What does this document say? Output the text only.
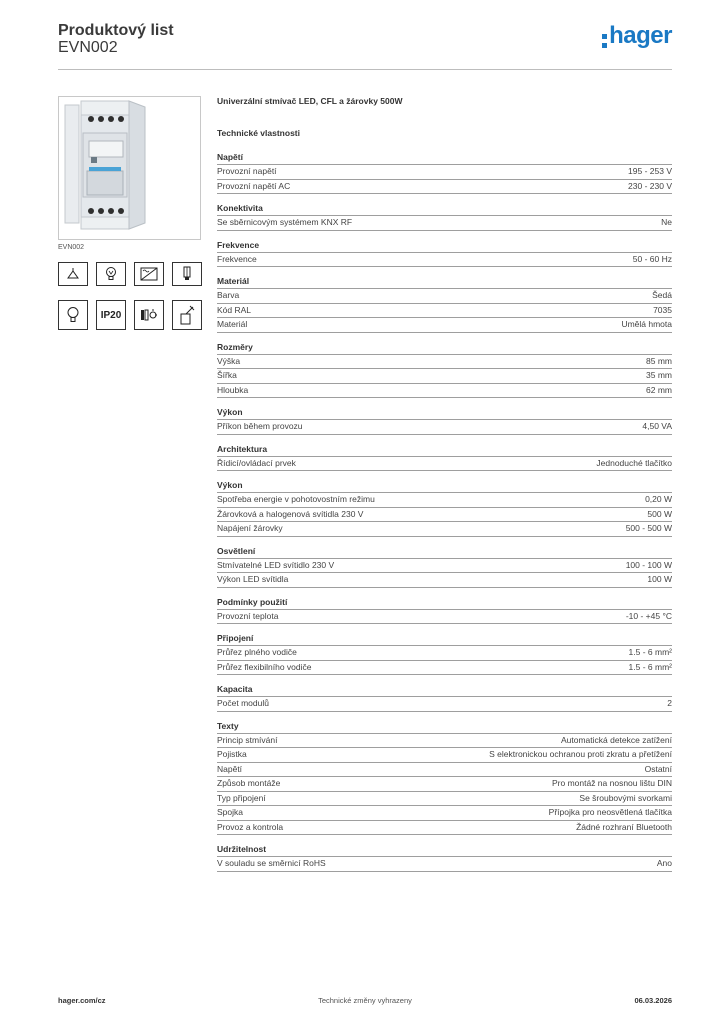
Produktový list
EVN002	hager
EVN002
IP20
Univerzální stmívač LED, CFL a žárovky 500W
Technické vlastnosti
Napětí
Provozní napětí	195 - 253 V
Provozní napětí AC	230 - 230 V
Konektivita
Se sběrnicovým systémem KNX RF	Ne
Frekvence
Frekvence	50 - 60 Hz
Materiál
Barva	Šedá
Kód RAL	7035
Materiál	Umělá hmota
Rozměry
Výška	85 mm
Šířka	35 mm
Hloubka	62 mm
Výkon
Příkon během provozu	4,50 VA
Architektura
Řídicí/ovládací prvek	Jednoduché tlačítko
Výkon
Spotřeba energie v pohotovostním režimu	0,20 W
Žárovková a halogenová svítidla 230 V	500 W
Napájení žárovky	500 - 500 W
Osvětlení
Stmívatelné LED svítidlo 230 V	100 - 100 W
Výkon LED svítidla	100 W
Podmínky použití
Provozní teplota	-10 - +45 °C
Připojení
Průřez plného vodiče	1.5 - 6 mm²
Průřez flexibilního vodiče	1.5 - 6 mm²
Kapacita
Počet modulů	2
Texty
Princip stmívání	Automatická detekce zatížení
Pojistka	S elektronickou ochranou proti zkratu a přetížení
Napětí	Ostatní
Způsob montáže	Pro montáž na nosnou lištu DIN
Typ připojení	Se šroubovými svorkami
Spojka	Přípojka pro neosvětlená tlačítka
Provoz a kontrola	Žádné rozhraní Bluetooth
Udržitelnost
V souladu se směrnicí RoHS	Ano
hager.com/cz	Technické změny vyhrazeny	06.03.2026
